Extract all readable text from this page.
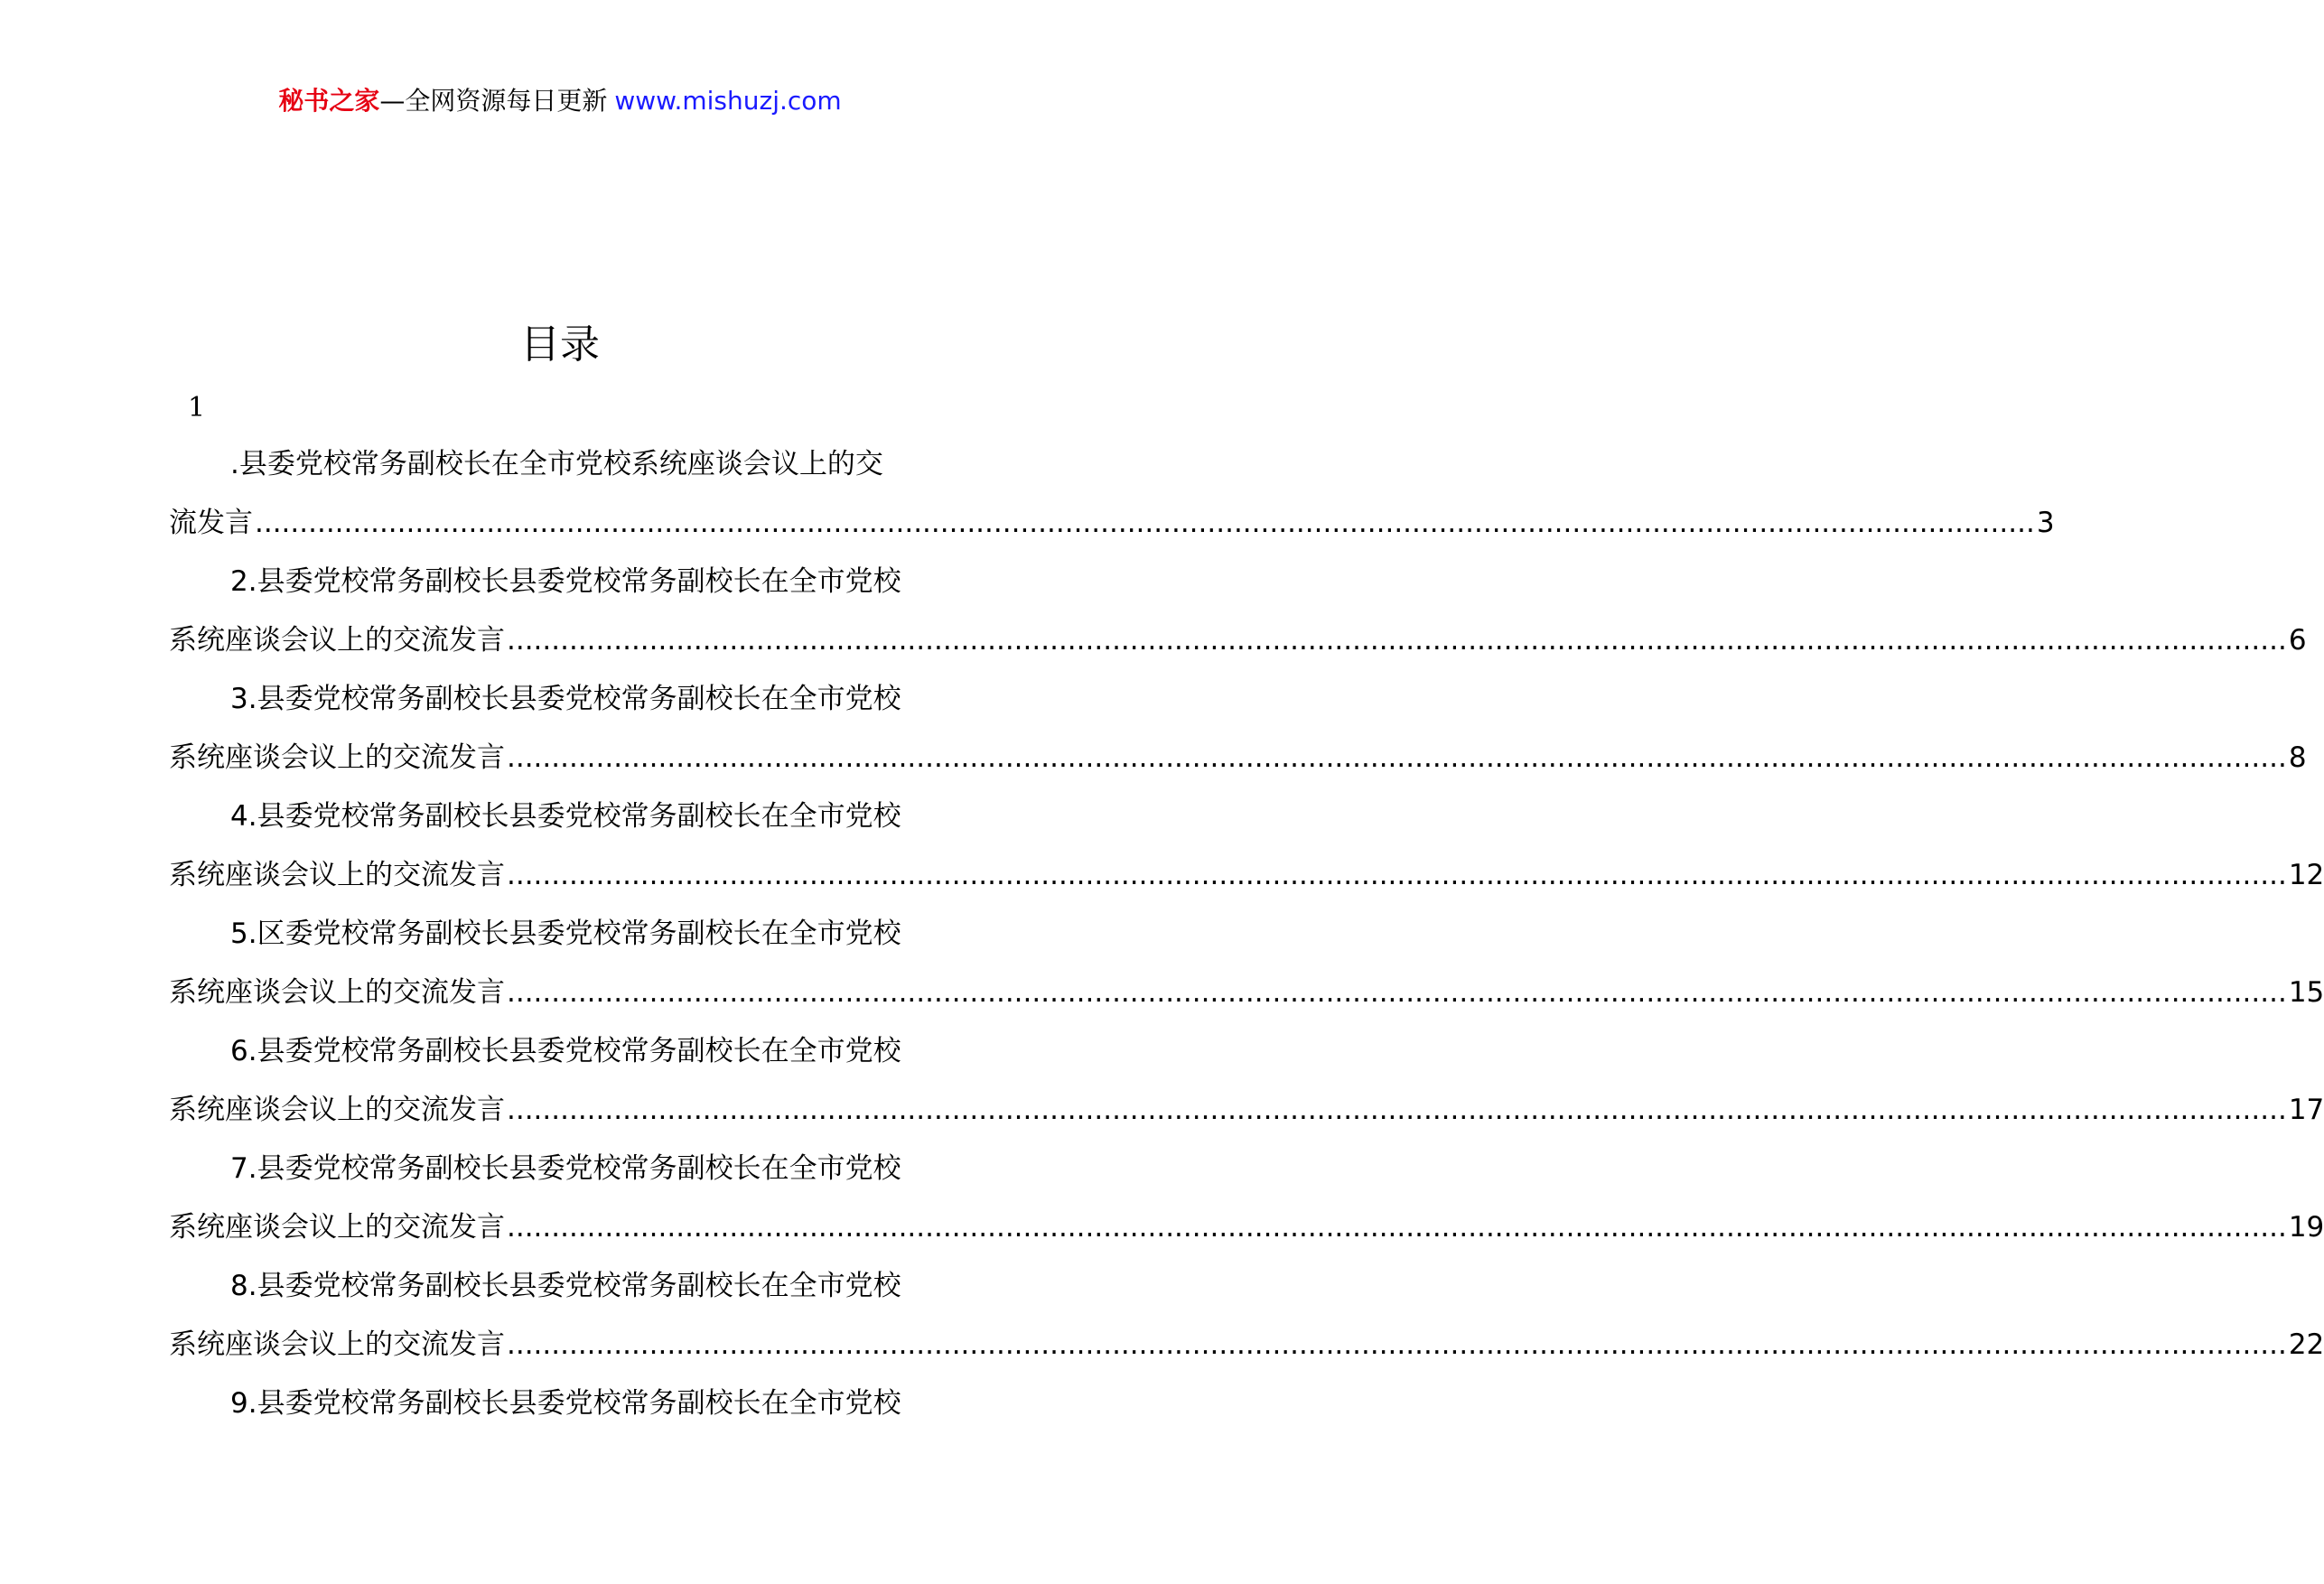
秘书之家—全网资源每日更新 www.mishuzj.com
目录
1
.县委党校常务副校长在全市党校系统座谈会议上的交
流发言 ........................................................................................................................................................................................................ 3
2.县委党校常务副校长县委党校常务副校长在全市党校
系统座谈会议上的交流发言 ........................................................................................................................................................................................................ 6
3.县委党校常务副校长县委党校常务副校长在全市党校
系统座谈会议上的交流发言 ........................................................................................................................................................................................................ 8
4.县委党校常务副校长县委党校常务副校长在全市党校
系统座谈会议上的交流发言 ........................................................................................................................................................................................................ 12
5.区委党校常务副校长县委党校常务副校长在全市党校
系统座谈会议上的交流发言 ........................................................................................................................................................................................................ 15
6.县委党校常务副校长县委党校常务副校长在全市党校
系统座谈会议上的交流发言 ........................................................................................................................................................................................................ 17
7.县委党校常务副校长县委党校常务副校长在全市党校
系统座谈会议上的交流发言 ........................................................................................................................................................................................................ 19
8.县委党校常务副校长县委党校常务副校长在全市党校
系统座谈会议上的交流发言 ........................................................................................................................................................................................................ 22
9.县委党校常务副校长县委党校常务副校长在全市党校
